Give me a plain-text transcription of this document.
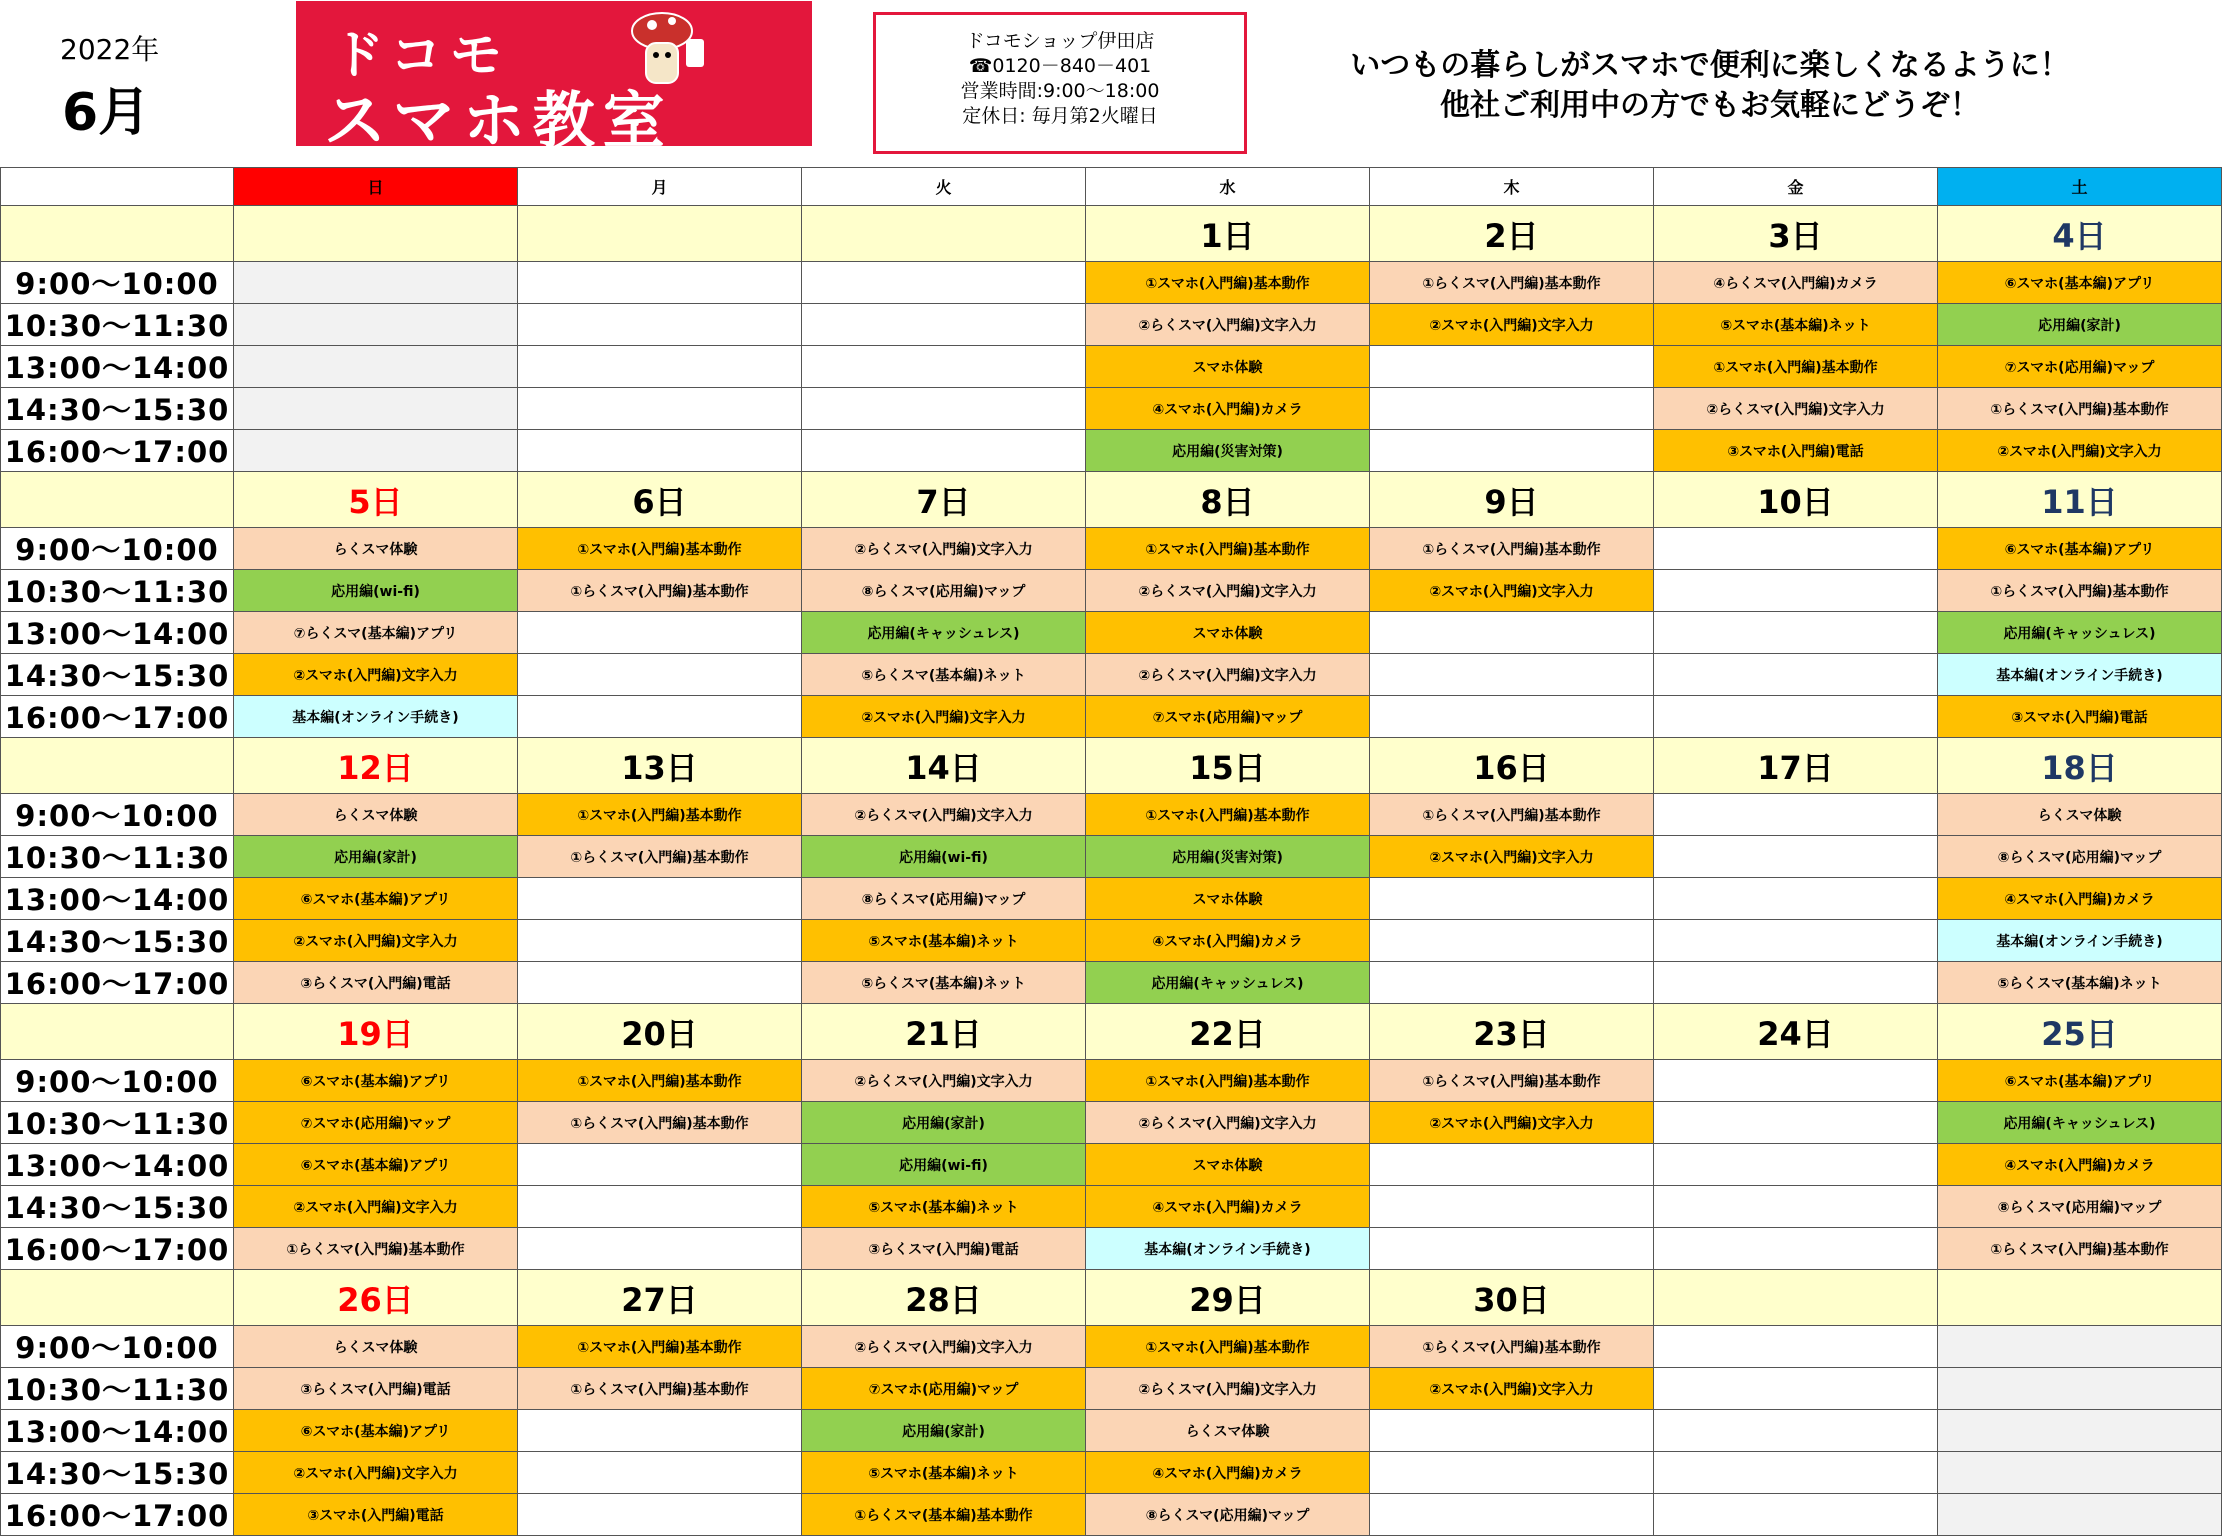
2022年
6月
ドコモ
スマホ教室
ドコモショップ伊田店
☎0120－840－401
営業時間:9:00～18:00
定休日: 毎月第2火曜日
いつもの暮らしがスマホで便利に楽しくなるように！
他社ご利用中の方でもお気軽にどうぞ！
	日	月	火	水	木	金	土
				1日	2日	3日	4日
9:00～10:00				①スマホ(入門編)基本動作	①らくスマ(入門編)基本動作	④らくスマ(入門編)カメラ	⑥スマホ(基本編)アプリ
10:30～11:30				②らくスマ(入門編)文字入力	②スマホ(入門編)文字入力	⑤スマホ(基本編)ネット	応用編(家計)
13:00～14:00				スマホ体験		①スマホ(入門編)基本動作	⑦スマホ(応用編)マップ
14:30～15:30				④スマホ(入門編)カメラ		②らくスマ(入門編)文字入力	①らくスマ(入門編)基本動作
16:00～17:00				応用編(災害対策)		③スマホ(入門編)電話	②スマホ(入門編)文字入力
	5日	6日	7日	8日	9日	10日	11日
9:00～10:00	らくスマ体験	①スマホ(入門編)基本動作	②らくスマ(入門編)文字入力	①スマホ(入門編)基本動作	①らくスマ(入門編)基本動作		⑥スマホ(基本編)アプリ
10:30～11:30	応用編(wi-fi)	①らくスマ(入門編)基本動作	⑧らくスマ(応用編)マップ	②らくスマ(入門編)文字入力	②スマホ(入門編)文字入力		①らくスマ(入門編)基本動作
13:00～14:00	⑦らくスマ(基本編)アプリ		応用編(キャッシュレス)	スマホ体験			応用編(キャッシュレス)
14:30～15:30	②スマホ(入門編)文字入力		⑤らくスマ(基本編)ネット	②らくスマ(入門編)文字入力			基本編(オンライン手続き)
16:00～17:00	基本編(オンライン手続き)		②スマホ(入門編)文字入力	⑦スマホ(応用編)マップ			③スマホ(入門編)電話
	12日	13日	14日	15日	16日	17日	18日
9:00～10:00	らくスマ体験	①スマホ(入門編)基本動作	②らくスマ(入門編)文字入力	①スマホ(入門編)基本動作	①らくスマ(入門編)基本動作		らくスマ体験
10:30～11:30	応用編(家計)	①らくスマ(入門編)基本動作	応用編(wi-fi)	応用編(災害対策)	②スマホ(入門編)文字入力		⑧らくスマ(応用編)マップ
13:00～14:00	⑥スマホ(基本編)アプリ		⑧らくスマ(応用編)マップ	スマホ体験			④スマホ(入門編)カメラ
14:30～15:30	②スマホ(入門編)文字入力		⑤スマホ(基本編)ネット	④スマホ(入門編)カメラ			基本編(オンライン手続き)
16:00～17:00	③らくスマ(入門編)電話		⑤らくスマ(基本編)ネット	応用編(キャッシュレス)			⑤らくスマ(基本編)ネット
	19日	20日	21日	22日	23日	24日	25日
9:00～10:00	⑥スマホ(基本編)アプリ	①スマホ(入門編)基本動作	②らくスマ(入門編)文字入力	①スマホ(入門編)基本動作	①らくスマ(入門編)基本動作		⑥スマホ(基本編)アプリ
10:30～11:30	⑦スマホ(応用編)マップ	①らくスマ(入門編)基本動作	応用編(家計)	②らくスマ(入門編)文字入力	②スマホ(入門編)文字入力		応用編(キャッシュレス)
13:00～14:00	⑥スマホ(基本編)アプリ		応用編(wi-fi)	スマホ体験			④スマホ(入門編)カメラ
14:30～15:30	②スマホ(入門編)文字入力		⑤スマホ(基本編)ネット	④スマホ(入門編)カメラ			⑧らくスマ(応用編)マップ
16:00～17:00	①らくスマ(入門編)基本動作		③らくスマ(入門編)電話	基本編(オンライン手続き)			①らくスマ(入門編)基本動作
	26日	27日	28日	29日	30日		
9:00～10:00	らくスマ体験	①スマホ(入門編)基本動作	②らくスマ(入門編)文字入力	①スマホ(入門編)基本動作	①らくスマ(入門編)基本動作		
10:30～11:30	③らくスマ(入門編)電話	①らくスマ(入門編)基本動作	⑦スマホ(応用編)マップ	②らくスマ(入門編)文字入力	②スマホ(入門編)文字入力		
13:00～14:00	⑥スマホ(基本編)アプリ		応用編(家計)	らくスマ体験			
14:30～15:30	②スマホ(入門編)文字入力		⑤スマホ(基本編)ネット	④スマホ(入門編)カメラ			
16:00～17:00	③スマホ(入門編)電話		①らくスマ(基本編)基本動作	⑧らくスマ(応用編)マップ			
